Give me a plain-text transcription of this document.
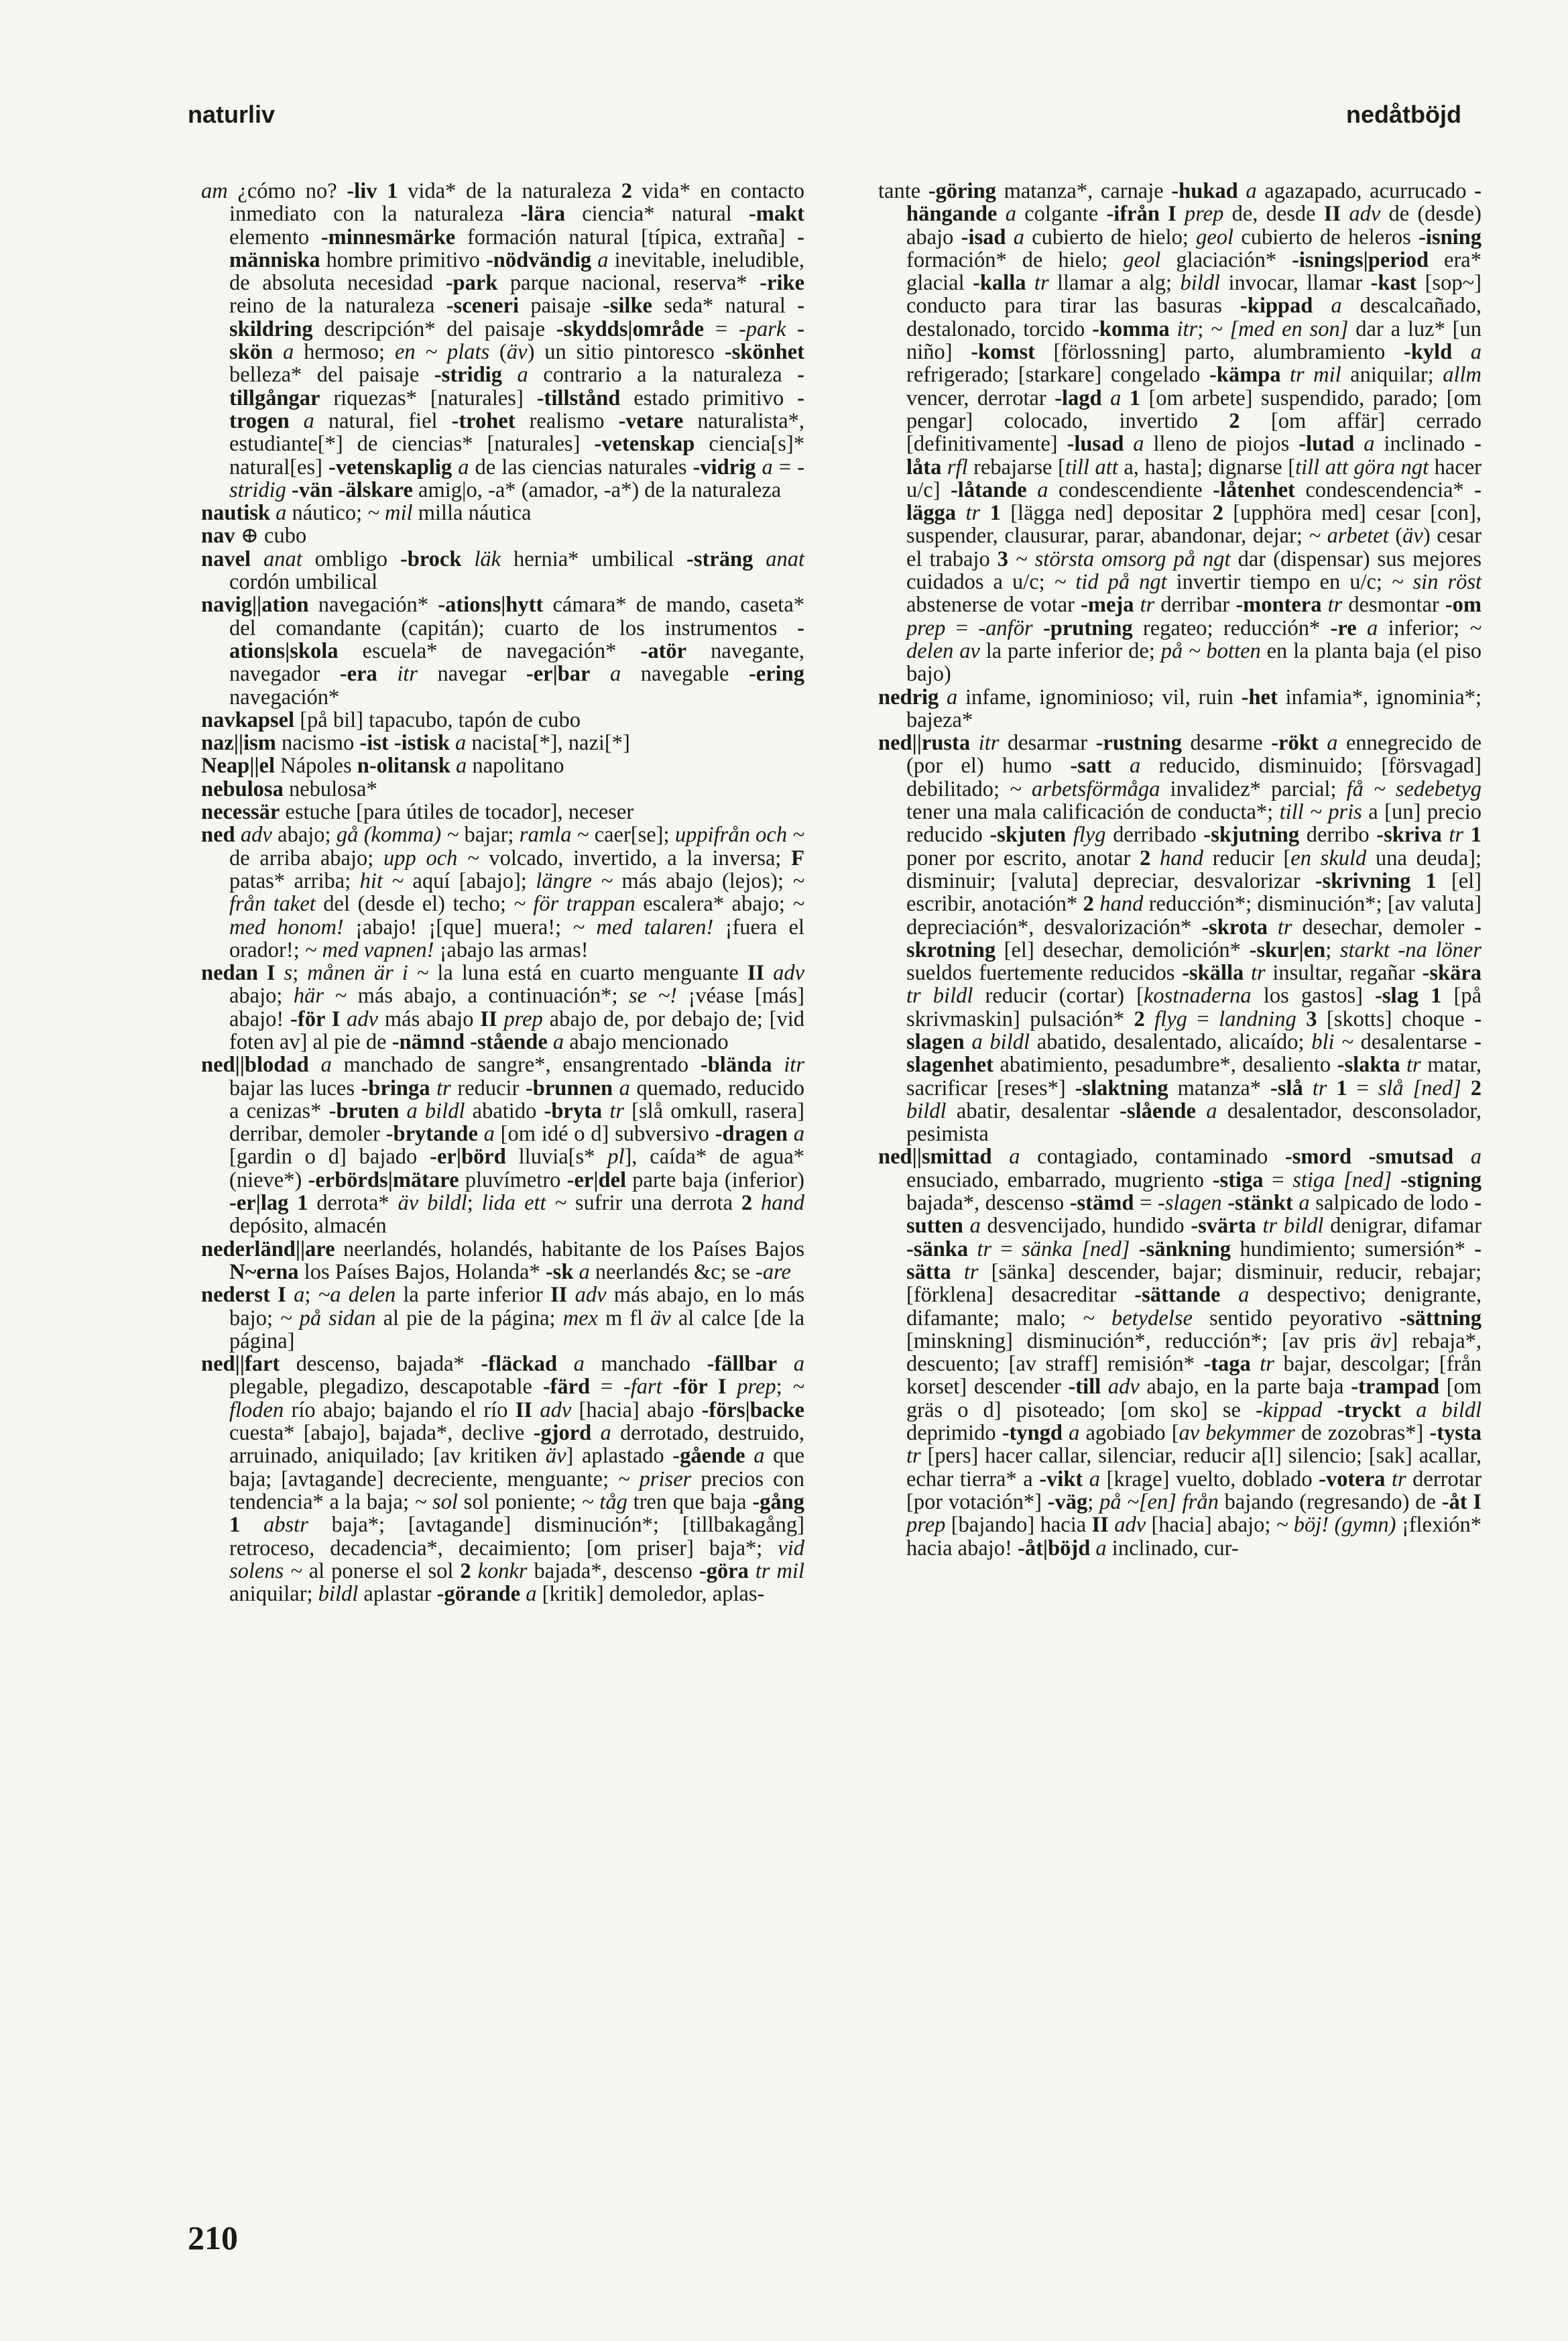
naturliv	nedåtböjd

am ¿cómo no? -liv 1 vida* de la naturaleza 2 vida* en contacto inmediato con la naturaleza -lära ciencia* natural -makt elemento -minnesmärke formación natural [típica, extraña] -människa hombre primitivo -nödvändig a inevitable, ineludible, de absoluta necesidad -park parque nacional, reserva* -rike reino de la naturaleza -sceneri paisaje -silke seda* natural -skildring descripción* del paisaje -skydds|område = -park -skön a hermoso; en ~ plats (äv) un sitio pintoresco -skönhet belleza* del paisaje -stridig a contrario a la naturaleza -tillgångar riquezas* [naturales] -tillstånd estado primitivo -trogen a natural, fiel -trohet realismo -vetare naturalista*, estudiante[*] de ciencias* [naturales] -vetenskap ciencia[s]* natural[es] -vetenskaplig a de las ciencias naturales -vidrig a = -stridig -vän -älskare amig|o, -a* (amador, -a*) de la naturaleza

nautisk a náutico; ~ mil milla náutica

nav ⊕ cubo

navel anat ombligo -brock läk hernia* umbilical -sträng anat cordón umbilical

navig||ation navegación* -ations|hytt cámara* de mando, caseta* del comandante (capitán); cuarto de los instrumentos -ations|skola escuela* de navegación* -atör navegante, navegador -era itr navegar -er|bar a navegable -ering navegación*

navkapsel [på bil] tapacubo, tapón de cubo

naz||ism nacismo -ist -istisk a nacista[*], nazi[*]

Neap||el Nápoles n-olitansk a napolitano

nebulosa nebulosa*

necessär estuche [para útiles de tocador], neceser

ned adv abajo; gå (komma) ~ bajar; ramla ~ caer[se]; uppifrån och ~ de arriba abajo; upp och ~ volcado, invertido, a la inversa; F patas* arriba; hit ~ aquí [abajo]; längre ~ más abajo (lejos); ~ från taket del (desde el) techo; ~ för trappan escalera* abajo; ~ med honom! ¡abajo! ¡[que] muera!; ~ med talaren! ¡fuera el orador!; ~ med vapnen! ¡abajo las armas!

nedan I s; månen är i ~ la luna está en cuarto menguante II adv abajo; här ~ más abajo, a continuación*; se ~! ¡véase [más] abajo! -för I adv más abajo II prep abajo de, por debajo de; [vid foten av] al pie de -nämnd -stående a abajo mencionado

ned||blodad a manchado de sangre*, ensangrentado -blända itr bajar las luces -bringa tr reducir -brunnen a quemado, reducido a cenizas* -bruten a bildl abatido -bryta tr [slå omkull, rasera] derribar, demoler -brytande a [om idé o d] subversivo -dragen a [gardin o d] bajado -er|börd lluvia[s* pl], caída* de agua* (nieve*) -erbörds|mätare pluvímetro -er|del parte baja (inferior) -er|lag 1 derrota* äv bildl; lida ett ~ sufrir una derrota 2 hand depósito, almacén

nederländ||are neerlandés, holandés, habitante de los Países Bajos N~erna los Países Bajos, Holanda* -sk a neerlandés &c; se -are

nederst I a; ~a delen la parte inferior II adv más abajo, en lo más bajo; ~ på sidan al pie de la página; mex m fl äv al calce [de la página]

ned||fart descenso, bajada* -fläckad a manchado -fällbar a plegable, plegadizo, descapotable -färd = -fart -för I prep; ~ floden río abajo; bajando el río II adv [hacia] abajo -förs|backe cuesta* [abajo], bajada*, declive -gjord a derrotado, destruido, arruinado, aniquilado; [av kritiken äv] aplastado -gående a que baja; [avtagande] decreciente, menguante; ~ priser precios con tendencia* a la baja; ~ sol sol poniente; ~ tåg tren que baja -gång 1 abstr baja*; [avtagande] disminución*; [tillbakagång] retroceso, decadencia*, decaimiento; [om priser] baja*; vid solens ~ al ponerse el sol 2 konkr bajada*, descenso -göra tr mil aniquilar; bildl aplastar -görande a [kritik] demoledor, aplas-

tante -göring matanza*, carnaje -hukad a agazapado, acurrucado -hängande a colgante -ifrån I prep de, desde II adv de (desde) abajo -isad a cubierto de hielo; geol cubierto de heleros -isning formación* de hielo; geol glaciación* -isnings|period era* glacial -kalla tr llamar a alg; bildl invocar, llamar -kast [sop~] conducto para tirar las basuras -kippad a descalcañado, destalonado, torcido -komma itr; ~ [med en son] dar a luz* [un niño] -komst [förlossning] parto, alumbramiento -kyld a refrigerado; [starkare] congelado -kämpa tr mil aniquilar; allm vencer, derrotar -lagd a 1 [om arbete] suspendido, parado; [om pengar] colocado, invertido 2 [om affär] cerrado [definitivamente] -lusad a lleno de piojos -lutad a inclinado -låta rfl rebajarse [till att a, hasta]; dignarse [till att göra ngt hacer u/c] -låtande a condescendiente -låtenhet condescendencia* -lägga tr 1 [lägga ned] depositar 2 [upphöra med] cesar [con], suspender, clausurar, parar, abandonar, dejar; ~ arbetet (äv) cesar el trabajo 3 ~ största omsorg på ngt dar (dispensar) sus mejores cuidados a u/c; ~ tid på ngt invertir tiempo en u/c; ~ sin röst abstenerse de votar -meja tr derribar -montera tr desmontar -om prep = -anför -prutning regateo; reducción* -re a inferior; ~ delen av la parte inferior de; på ~ botten en la planta baja (el piso bajo)

nedrig a infame, ignominioso; vil, ruin -het infamia*, ignominia*; bajeza*

ned||rusta itr desarmar -rustning desarme -rökt a ennegrecido de (por el) humo -satt a reducido, disminuido; [försvagad] debilitado; ~ arbetsförmåga invalidez* parcial; få ~ sedebetyg tener una mala calificación de conducta*; till ~ pris a [un] precio reducido -skjuten flyg derribado -skjutning derribo -skriva tr 1 poner por escrito, anotar 2 hand reducir [en skuld una deuda]; disminuir; [valuta] depreciar, desvalorizar -skrivning 1 [el] escribir, anotación* 2 hand reducción*; disminución*; [av valuta] depreciación*, desvalorización* -skrota tr desechar, demoler -skrotning [el] desechar, demolición* -skur|en; starkt -na löner sueldos fuertemente reducidos -skälla tr insultar, regañar -skära tr bildl reducir (cortar) [kostnaderna los gastos] -slag 1 [på skrivmaskin] pulsación* 2 flyg = landning 3 [skotts] choque -slagen a bildl abatido, desalentado, alicaído; bli ~ desalentarse -slagenhet abatimiento, pesadumbre*, desaliento -slakta tr matar, sacrificar [reses*] -slaktning matanza* -slå tr 1 = slå [ned] 2 bildl abatir, desalentar -slående a desalentador, desconsolador, pesimista

ned||smittad a contagiado, contaminado -smord -smutsad a ensuciado, embarrado, mugriento -stiga = stiga [ned] -stigning bajada*, descenso -stämd = -slagen -stänkt a salpicado de lodo -sutten a desvencijado, hundido -svärta tr bildl denigrar, difamar -sänka tr = sänka [ned] -sänkning hundimiento; sumersión* -sätta tr [sänka] descender, bajar; disminuir, reducir, rebajar; [förklena] desacreditar -sättande a despectivo; denigrante, difamante; malo; ~ betydelse sentido peyorativo -sättning [minskning] disminución*, reducción*; [av pris äv] rebaja*, descuento; [av straff] remisión* -taga tr bajar, descolgar; [från korset] descender -till adv abajo, en la parte baja -trampad [om gräs o d] pisoteado; [om sko] se -kippad -tryckt a bildl deprimido -tyngd a agobiado [av bekymmer de zozobras*] -tysta tr [pers] hacer callar, silenciar, reducir a[l] silencio; [sak] acallar, echar tierra* a -vikt a [krage] vuelto, doblado -votera tr derrotar [por votación*] -väg; på ~[en] från bajando (regresando) de -åt I prep [bajando] hacia II adv [hacia] abajo; ~ böj! (gymn) ¡flexión* hacia abajo! -åt|böjd a inclinado, cur-

210
